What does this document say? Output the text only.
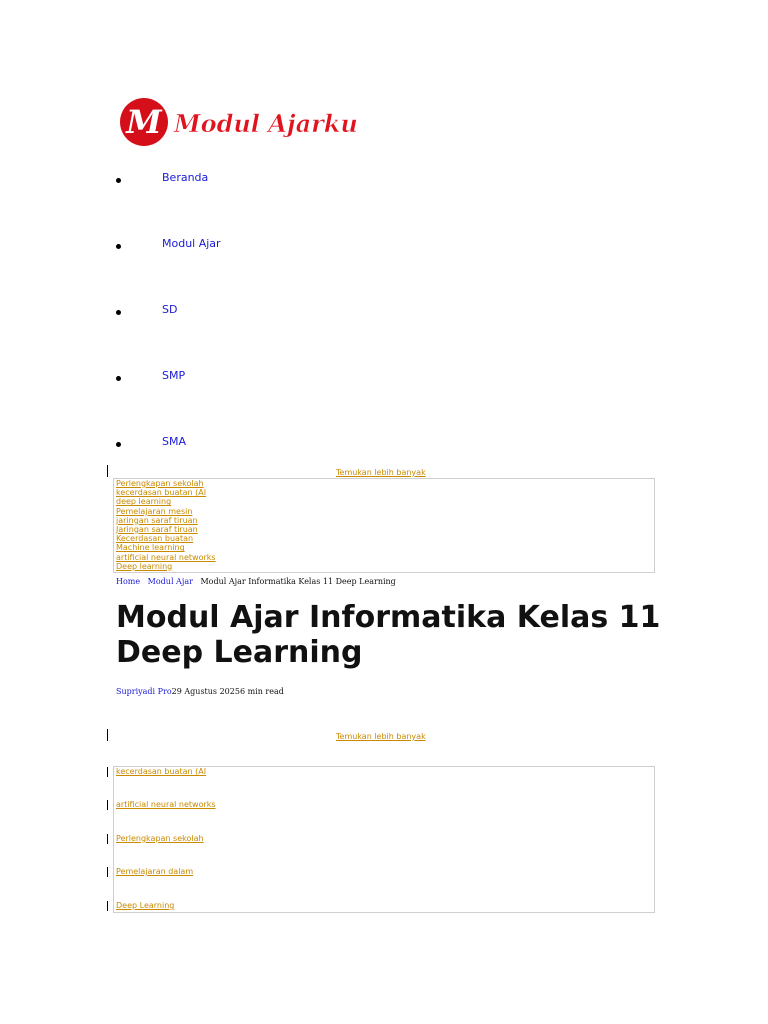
M Modul Ajarku
Beranda
Modul Ajar
SD
SMP
SMA
Temukan lebih banyak
Perlengkapan sekolah
kecerdasan buatan (AI
deep learning
Pemelajaran mesin
jaringan saraf tiruan
Jaringan saraf tiruan
Kecerdasan buatan
Machine learning
artificial neural networks
Deep learning
Home Modul Ajar Modul Ajar Informatika Kelas 11 Deep Learning
Modul Ajar Informatika Kelas 11 Deep Learning
Supriyadi Pro29 Agustus 20256 min read
Temukan lebih banyak
kecerdasan buatan (AI
artificial neural networks
Perlengkapan sekolah
Pemelajaran dalam
Deep Learning
